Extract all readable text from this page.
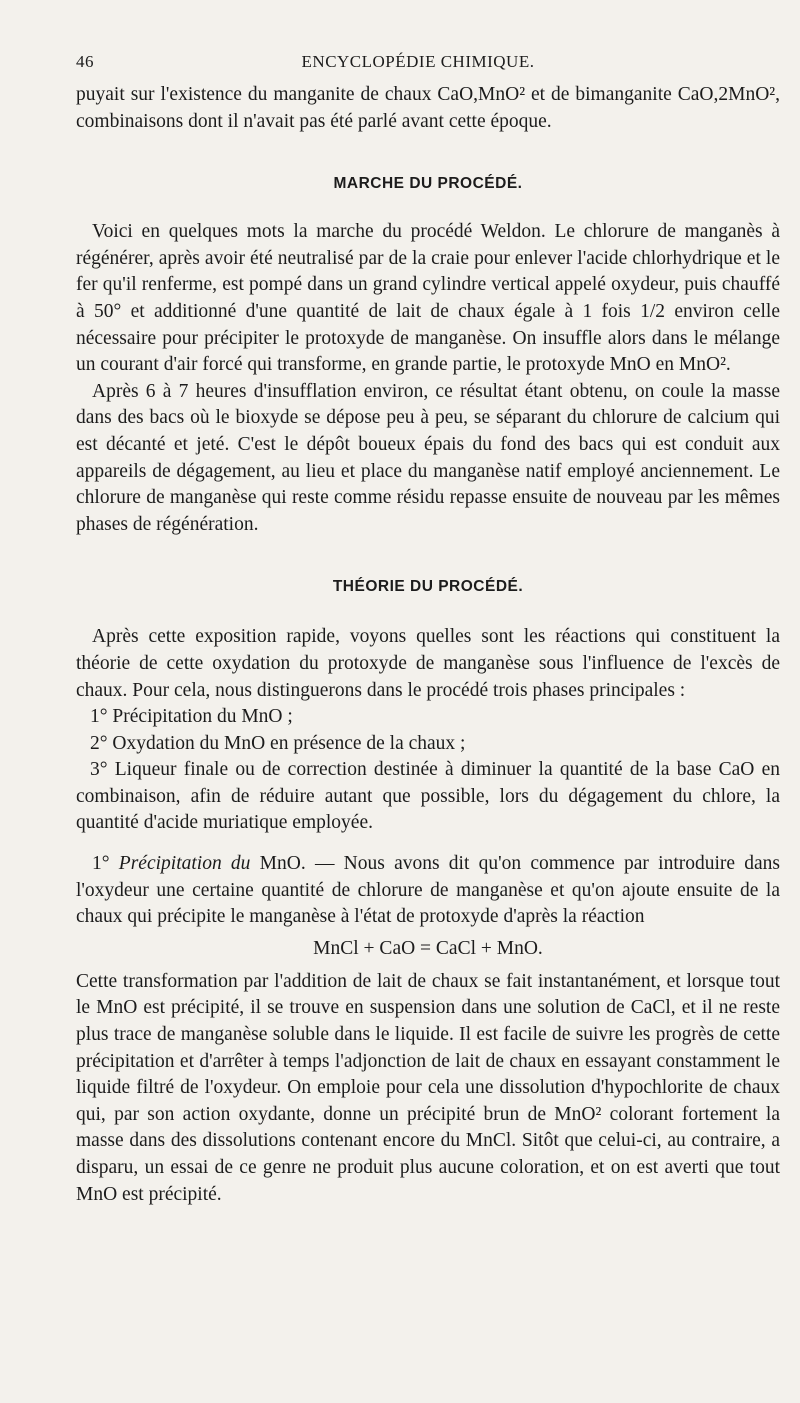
46	ENCYCLOPÉDIE CHIMIQUE.

puyait sur l'existence du manganite de chaux CaO,MnO² et de bimanganite CaO,2MnO², combinaisons dont il n'avait pas été parlé avant cette époque.

MARCHE DU PROCÉDÉ.

Voici en quelques mots la marche du procédé Weldon. Le chlorure de manganès à régénérer, après avoir été neutralisé par de la craie pour enlever l'acide chlorhydrique et le fer qu'il renferme, est pompé dans un grand cylindre vertical appelé oxydeur, puis chauffé à 50° et additionné d'une quantité de lait de chaux égale à 1 fois 1/2 environ celle nécessaire pour précipiter le protoxyde de manganèse. On insuffle alors dans le mélange un courant d'air forcé qui transforme, en grande partie, le protoxyde MnO en MnO².

Après 6 à 7 heures d'insufflation environ, ce résultat étant obtenu, on coule la masse dans des bacs où le bioxyde se dépose peu à peu, se séparant du chlorure de calcium qui est décanté et jeté. C'est le dépôt boueux épais du fond des bacs qui est conduit aux appareils de dégagement, au lieu et place du manganèse natif employé anciennement. Le chlorure de manganèse qui reste comme résidu repasse ensuite de nouveau par les mêmes phases de régénération.

THÉORIE DU PROCÉDÉ.

Après cette exposition rapide, voyons quelles sont les réactions qui constituent la théorie de cette oxydation du protoxyde de manganèse sous l'influence de l'excès de chaux. Pour cela, nous distinguerons dans le procédé trois phases principales :

1° Précipitation du MnO ;

2° Oxydation du MnO en présence de la chaux ;

3° Liqueur finale ou de correction destinée à diminuer la quantité de la base CaO en combinaison, afin de réduire autant que possible, lors du dégagement du chlore, la quantité d'acide muriatique employée.

1° Précipitation du MnO. — Nous avons dit qu'on commence par introduire dans l'oxydeur une certaine quantité de chlorure de manganèse et qu'on ajoute ensuite de la chaux qui précipite le manganèse à l'état de protoxyde d'après la réaction

MnCl + CaO = CaCl + MnO.

Cette transformation par l'addition de lait de chaux se fait instantanément, et lorsque tout le MnO est précipité, il se trouve en suspension dans une solution de CaCl, et il ne reste plus trace de manganèse soluble dans le liquide. Il est facile de suivre les progrès de cette précipitation et d'arrêter à temps l'adjonction de lait de chaux en essayant constamment le liquide filtré de l'oxydeur. On emploie pour cela une dissolution d'hypochlorite de chaux qui, par son action oxydante, donne un précipité brun de MnO² colorant fortement la masse dans des dissolutions contenant encore du MnCl. Sitôt que celui-ci, au contraire, a disparu, un essai de ce genre ne produit plus aucune coloration, et on est averti que tout MnO est précipité.
